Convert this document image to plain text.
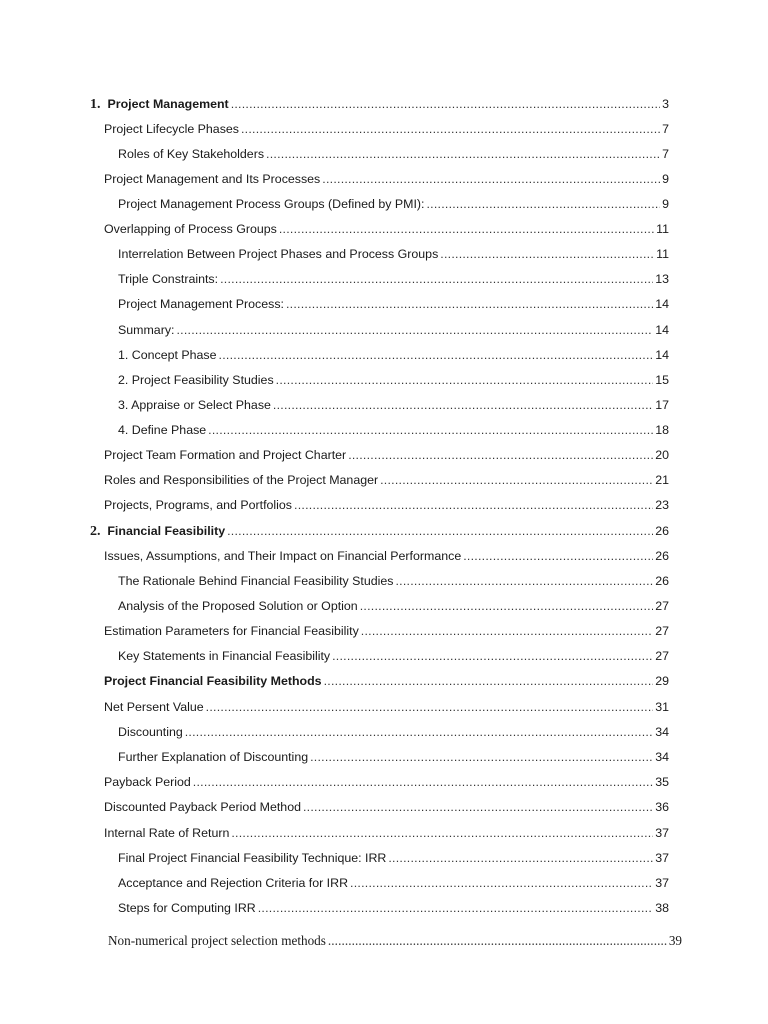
1. Project Management . . .	3
Project Lifecycle Phases . . .	7
Roles of Key Stakeholders . . .	7
Project Management and Its Processes . . .	9
Project Management Process Groups (Defined by PMI): . . .	9
Overlapping of Process Groups . . .	11
Interrelation Between Project Phases and Process Groups . . .	11
Triple Constraints: . . .	13
Project Management Process: . . .	14
Summary: . . .	14
1. Concept Phase . . .	14
2. Project Feasibility Studies . . .	15
3. Appraise or Select Phase . . .	17
4. Define Phase . . .	18
Project Team Formation and Project Charter . . .	20
Roles and Responsibilities of the Project Manager . . .	21
Projects, Programs, and Portfolios . . .	23
2. Financial Feasibility . . .	26
Issues, Assumptions, and Their Impact on Financial Performance . . .	26
The Rationale Behind Financial Feasibility Studies . . .	26
Analysis of the Proposed Solution or Option . . .	27
Estimation Parameters for Financial Feasibility . . .	27
Key Statements in Financial Feasibility . . .	27
Project Financial Feasibility Methods . . .	29
Net Persent Value . . .	31
Discounting . . .	34
Further Explanation of Discounting . . .	34
Payback Period . . .	35
Discounted Payback Period Method . . .	36
Internal Rate of Return . . .	37
Final Project Financial Feasibility Technique: IRR . . .	37
Acceptance and Rejection Criteria for IRR . . .	37
Steps for Computing IRR . . .	38
Non-numerical project selection methods . . .	39
